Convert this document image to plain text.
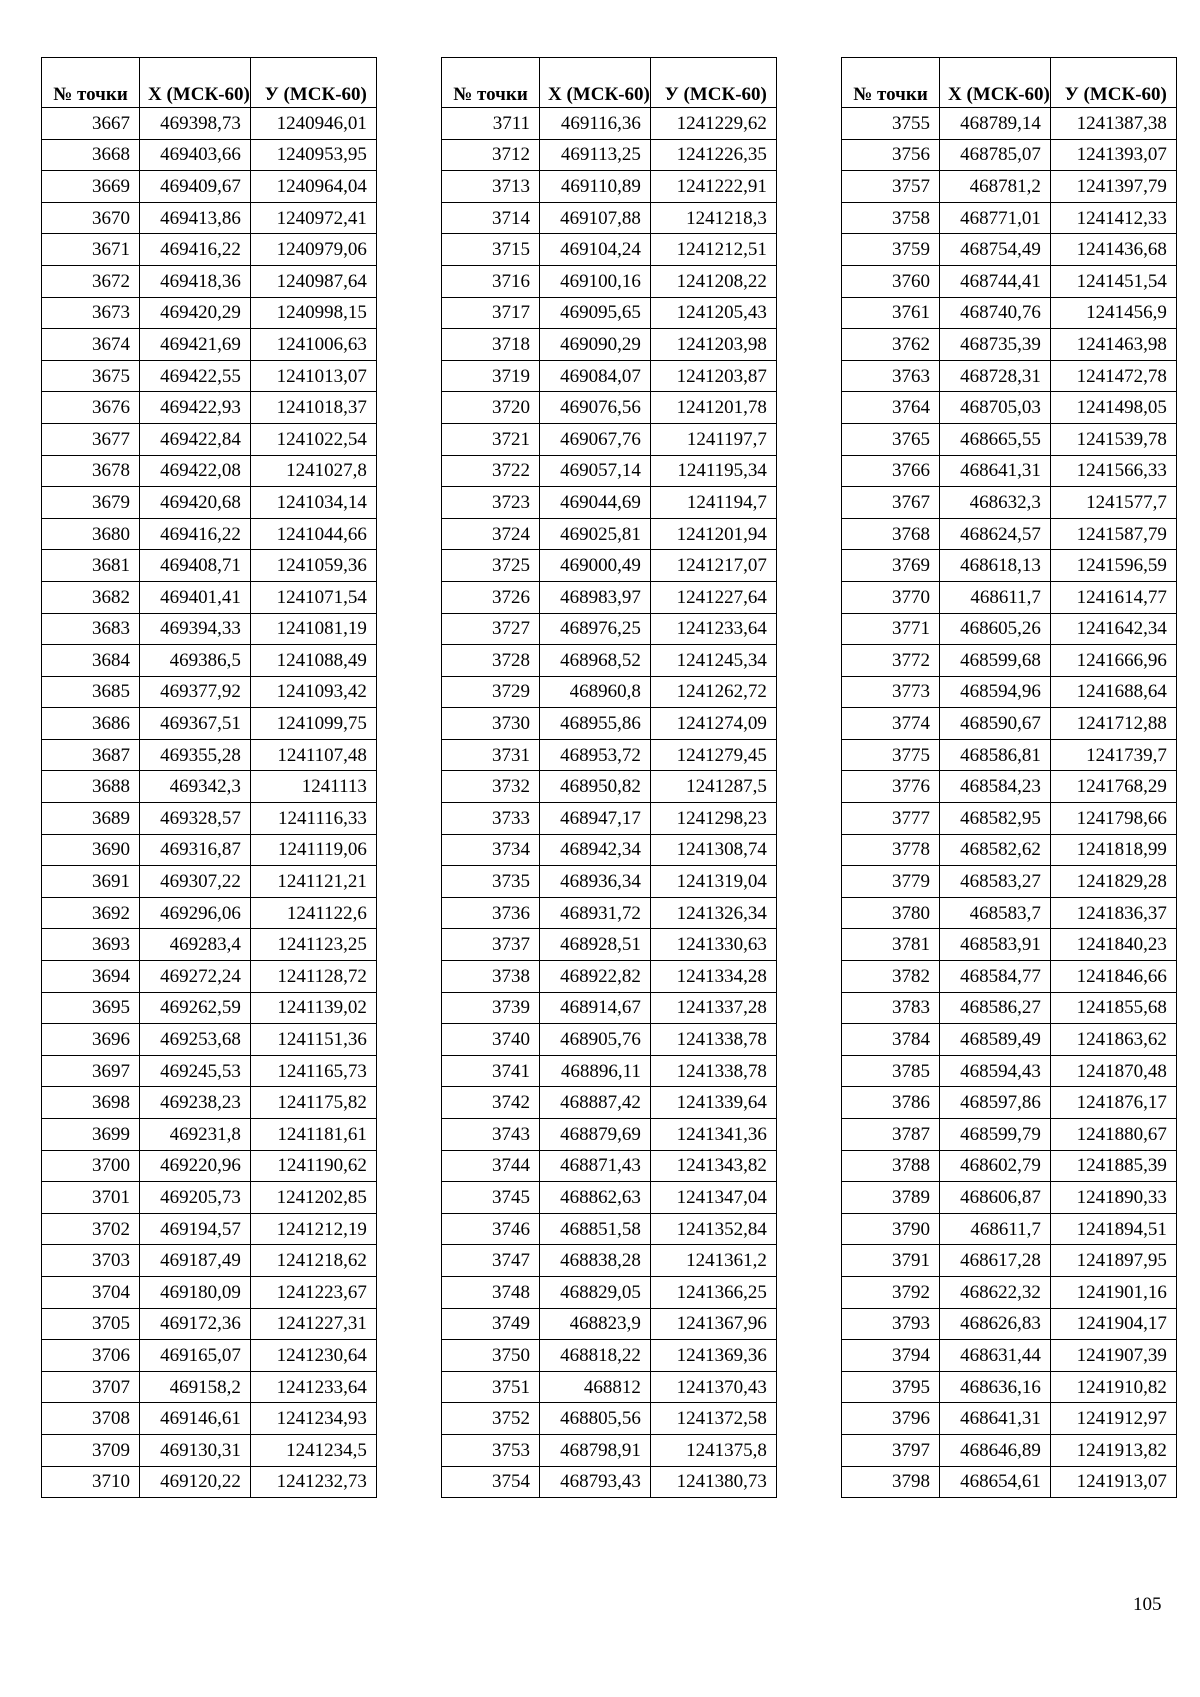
№ точки	Х (МСК-60)	У (МСК-60)
3667	469398,73	1240946,01
3668	469403,66	1240953,95
3669	469409,67	1240964,04
3670	469413,86	1240972,41
3671	469416,22	1240979,06
3672	469418,36	1240987,64
3673	469420,29	1240998,15
3674	469421,69	1241006,63
3675	469422,55	1241013,07
3676	469422,93	1241018,37
3677	469422,84	1241022,54
3678	469422,08	1241027,8
3679	469420,68	1241034,14
3680	469416,22	1241044,66
3681	469408,71	1241059,36
3682	469401,41	1241071,54
3683	469394,33	1241081,19
3684	469386,5	1241088,49
3685	469377,92	1241093,42
3686	469367,51	1241099,75
3687	469355,28	1241107,48
3688	469342,3	1241113
3689	469328,57	1241116,33
3690	469316,87	1241119,06
3691	469307,22	1241121,21
3692	469296,06	1241122,6
3693	469283,4	1241123,25
3694	469272,24	1241128,72
3695	469262,59	1241139,02
3696	469253,68	1241151,36
3697	469245,53	1241165,73
3698	469238,23	1241175,82
3699	469231,8	1241181,61
3700	469220,96	1241190,62
3701	469205,73	1241202,85
3702	469194,57	1241212,19
3703	469187,49	1241218,62
3704	469180,09	1241223,67
3705	469172,36	1241227,31
3706	469165,07	1241230,64
3707	469158,2	1241233,64
3708	469146,61	1241234,93
3709	469130,31	1241234,5
3710	469120,22	1241232,73
№ точки	Х (МСК-60)	У (МСК-60)
3711	469116,36	1241229,62
3712	469113,25	1241226,35
3713	469110,89	1241222,91
3714	469107,88	1241218,3
3715	469104,24	1241212,51
3716	469100,16	1241208,22
3717	469095,65	1241205,43
3718	469090,29	1241203,98
3719	469084,07	1241203,87
3720	469076,56	1241201,78
3721	469067,76	1241197,7
3722	469057,14	1241195,34
3723	469044,69	1241194,7
3724	469025,81	1241201,94
3725	469000,49	1241217,07
3726	468983,97	1241227,64
3727	468976,25	1241233,64
3728	468968,52	1241245,34
3729	468960,8	1241262,72
3730	468955,86	1241274,09
3731	468953,72	1241279,45
3732	468950,82	1241287,5
3733	468947,17	1241298,23
3734	468942,34	1241308,74
3735	468936,34	1241319,04
3736	468931,72	1241326,34
3737	468928,51	1241330,63
3738	468922,82	1241334,28
3739	468914,67	1241337,28
3740	468905,76	1241338,78
3741	468896,11	1241338,78
3742	468887,42	1241339,64
3743	468879,69	1241341,36
3744	468871,43	1241343,82
3745	468862,63	1241347,04
3746	468851,58	1241352,84
3747	468838,28	1241361,2
3748	468829,05	1241366,25
3749	468823,9	1241367,96
3750	468818,22	1241369,36
3751	468812	1241370,43
3752	468805,56	1241372,58
3753	468798,91	1241375,8
3754	468793,43	1241380,73
№ точки	Х (МСК-60)	У (МСК-60)
3755	468789,14	1241387,38
3756	468785,07	1241393,07
3757	468781,2	1241397,79
3758	468771,01	1241412,33
3759	468754,49	1241436,68
3760	468744,41	1241451,54
3761	468740,76	1241456,9
3762	468735,39	1241463,98
3763	468728,31	1241472,78
3764	468705,03	1241498,05
3765	468665,55	1241539,78
3766	468641,31	1241566,33
3767	468632,3	1241577,7
3768	468624,57	1241587,79
3769	468618,13	1241596,59
3770	468611,7	1241614,77
3771	468605,26	1241642,34
3772	468599,68	1241666,96
3773	468594,96	1241688,64
3774	468590,67	1241712,88
3775	468586,81	1241739,7
3776	468584,23	1241768,29
3777	468582,95	1241798,66
3778	468582,62	1241818,99
3779	468583,27	1241829,28
3780	468583,7	1241836,37
3781	468583,91	1241840,23
3782	468584,77	1241846,66
3783	468586,27	1241855,68
3784	468589,49	1241863,62
3785	468594,43	1241870,48
3786	468597,86	1241876,17
3787	468599,79	1241880,67
3788	468602,79	1241885,39
3789	468606,87	1241890,33
3790	468611,7	1241894,51
3791	468617,28	1241897,95
3792	468622,32	1241901,16
3793	468626,83	1241904,17
3794	468631,44	1241907,39
3795	468636,16	1241910,82
3796	468641,31	1241912,97
3797	468646,89	1241913,82
3798	468654,61	1241913,07
105
